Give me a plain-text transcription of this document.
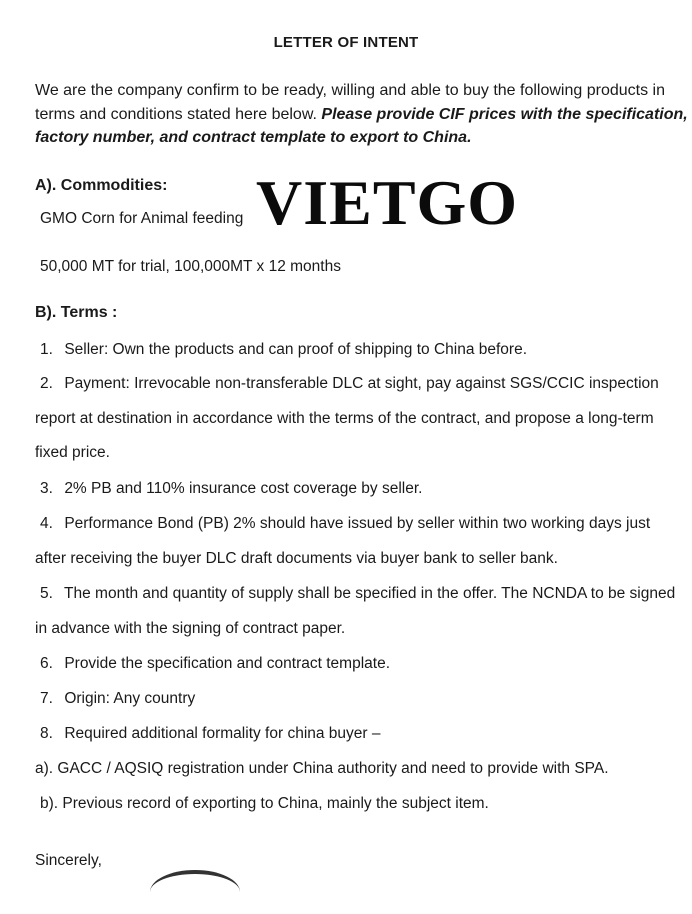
LETTER OF INTENT
We are the company confirm to be ready, willing and able to buy the following products in
terms and conditions stated here below. Please provide CIF prices with the specification,
factory number, and contract template to export to China.
A). Commodities:
GMO Corn for Animal feeding
50,000 MT for trial, 100,000MT x 12 months
VIETGO
B). Terms :
1. Seller: Own the products and can proof of shipping to China before.
2. Payment: Irrevocable non-transferable DLC at sight, pay against SGS/CCIC inspection
report at destination in accordance with the terms of the contract, and propose a long-term
fixed price.
3. 2% PB and 110% insurance cost coverage by seller.
4. Performance Bond (PB) 2% should have issued by seller within two working days just
after receiving the buyer DLC draft documents via buyer bank to seller bank.
5. The month and quantity of supply shall be specified in the offer. The NCNDA to be signed
in advance with the signing of contract paper.
6. Provide the specification and contract template.
7. Origin: Any country
8. Required additional formality for china buyer –
a). GACC / AQSIQ registration under China authority and need to provide with SPA.
b). Previous record of exporting to China, mainly the subject item.
Sincerely,
